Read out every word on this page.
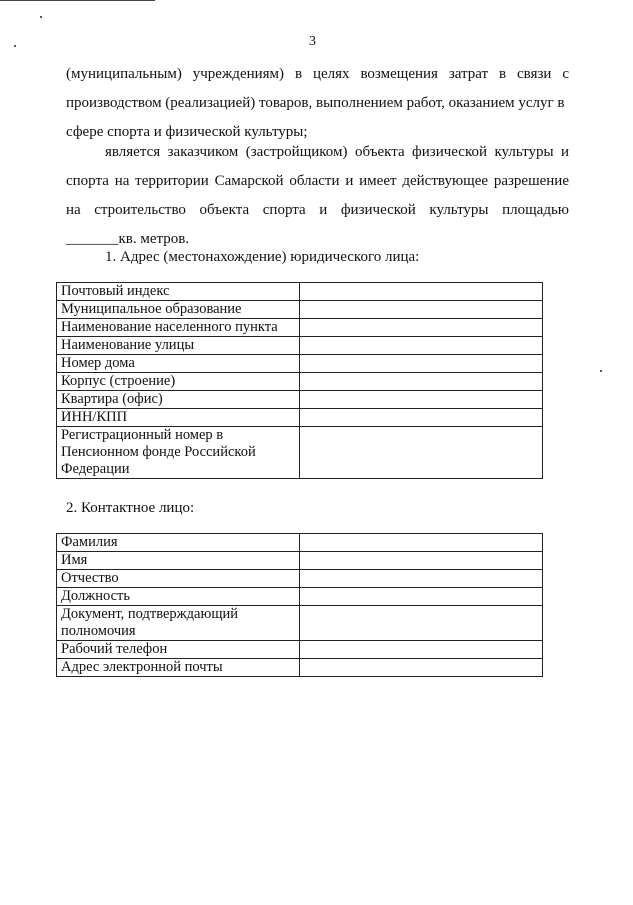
3
(муниципальным) учреждениям) в целях возмещения затрат в связи с
производством (реализацией) товаров, выполнением работ, оказанием услуг в
сфере спорта и физической культуры;
является заказчиком (застройщиком) объекта физической культуры и
спорта на территории Самарской области и имеет действующее разрешение
на строительство объекта спорта и физической культуры площадью
_______кв. метров.
1. Адрес (местонахождение) юридического лица:
Почтовый индекс	
Муниципальное образование	
Наименование населенного пункта	
Наименование улицы	
Номер дома	
Корпус (строение)	
Квартира (офис)	
ИНН/КПП	
Регистрационный номер в Пенсионном фонде Российской Федерации	
2. Контактное лицо:
Фамилия	
Имя	
Отчество	
Должность	
Документ, подтверждающий полномочия	
Рабочий телефон	
Адрес электронной почты	
